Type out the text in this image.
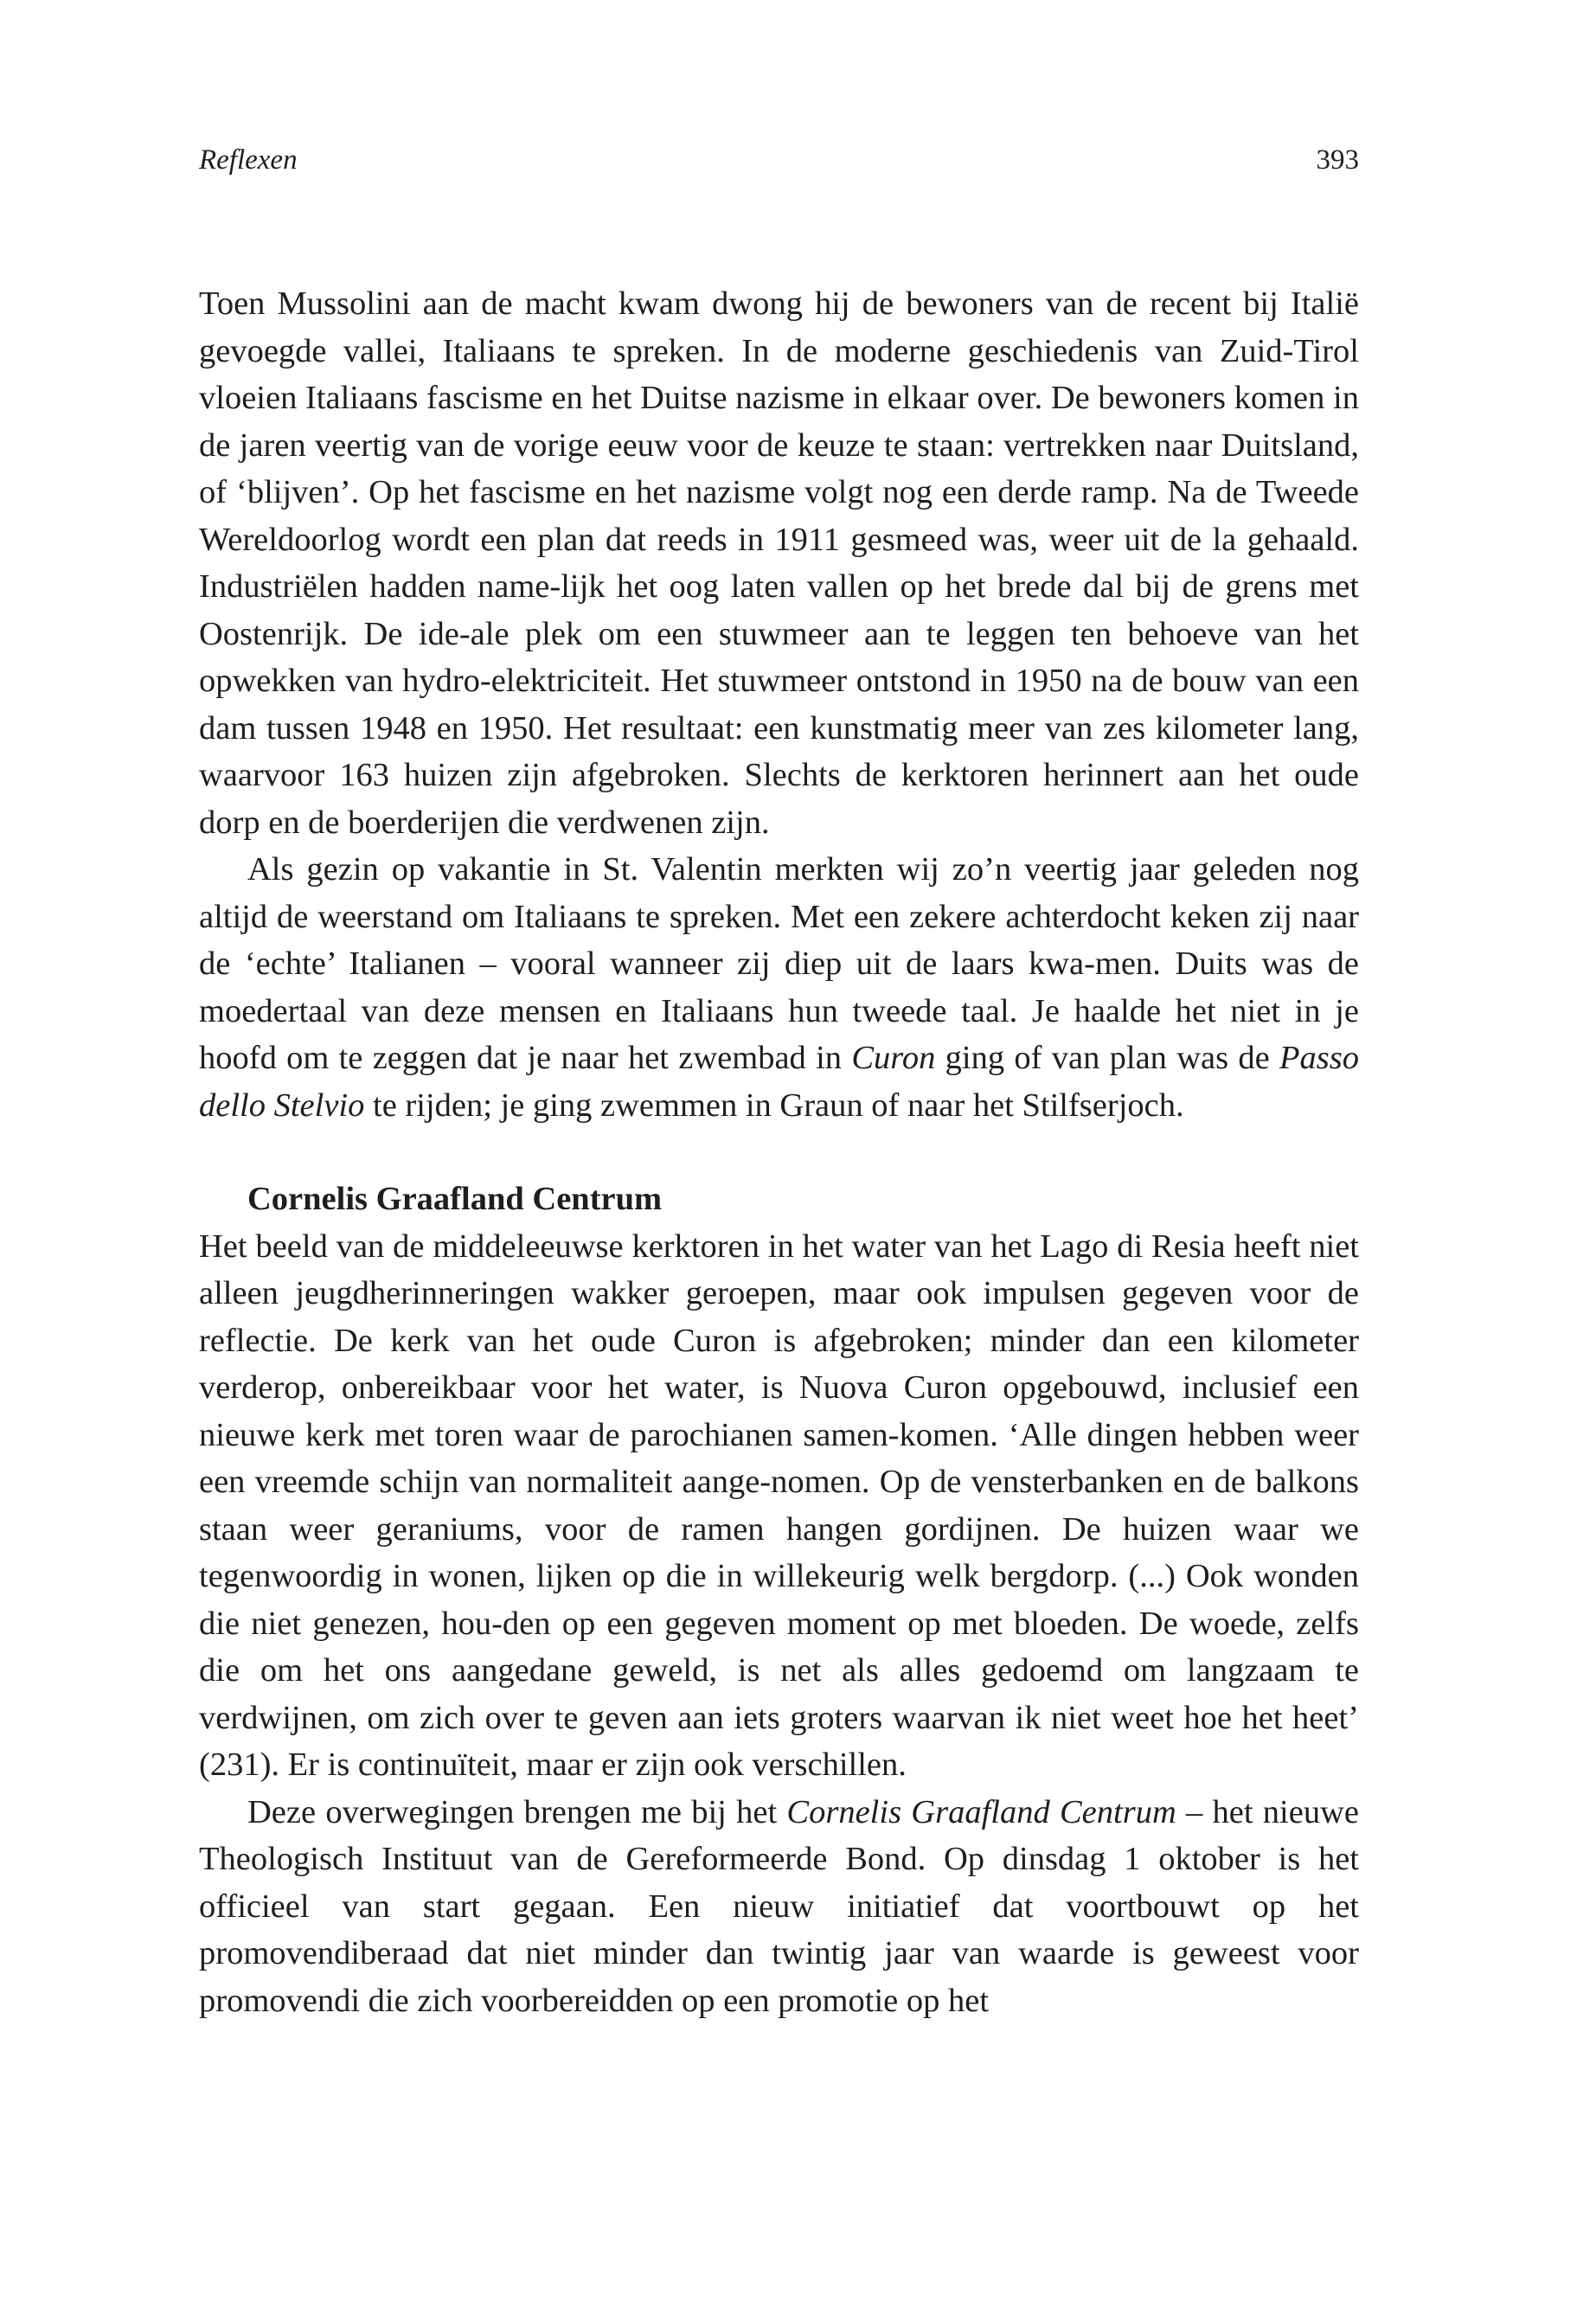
Reflexen	393

Toen Mussolini aan de macht kwam dwong hij de bewoners van de recent bij Italië gevoegde vallei, Italiaans te spreken. In de moderne geschiedenis van Zuid-Tirol vloeien Italiaans fascisme en het Duitse nazisme in elkaar over. De bewoners komen in de jaren veertig van de vorige eeuw voor de keuze te staan: vertrekken naar Duitsland, of ‘blijven’. Op het fascisme en het nazisme volgt nog een derde ramp. Na de Tweede Wereldoorlog wordt een plan dat reeds in 1911 gesmeed was, weer uit de la gehaald. Industriëlen hadden name-lijk het oog laten vallen op het brede dal bij de grens met Oostenrijk. De ide-ale plek om een stuwmeer aan te leggen ten behoeve van het opwekken van hydro-elektriciteit. Het stuwmeer ontstond in 1950 na de bouw van een dam tussen 1948 en 1950. Het resultaat: een kunstmatig meer van zes kilometer lang, waarvoor 163 huizen zijn afgebroken. Slechts de kerktoren herinnert aan het oude dorp en de boerderijen die verdwenen zijn.

Als gezin op vakantie in St. Valentin merkten wij zo’n veertig jaar geleden nog altijd de weerstand om Italiaans te spreken. Met een zekere achterdocht keken zij naar de ‘echte’ Italianen – vooral wanneer zij diep uit de laars kwa-men. Duits was de moedertaal van deze mensen en Italiaans hun tweede taal. Je haalde het niet in je hoofd om te zeggen dat je naar het zwembad in Curon ging of van plan was de Passo dello Stelvio te rijden; je ging zwemmen in Graun of naar het Stilfserjoch.

Cornelis Graafland Centrum

Het beeld van de middeleeuwse kerktoren in het water van het Lago di Resia heeft niet alleen jeugdherinneringen wakker geroepen, maar ook impulsen gegeven voor de reflectie. De kerk van het oude Curon is afgebroken; minder dan een kilometer verderop, onbereikbaar voor het water, is Nuova Curon opgebouwd, inclusief een nieuwe kerk met toren waar de parochianen samen-komen. ‘Alle dingen hebben weer een vreemde schijn van normaliteit aange-nomen. Op de vensterbanken en de balkons staan weer geraniums, voor de ramen hangen gordijnen. De huizen waar we tegenwoordig in wonen, lijken op die in willekeurig welk bergdorp. (...) Ook wonden die niet genezen, hou-den op een gegeven moment op met bloeden. De woede, zelfs die om het ons aangedane geweld, is net als alles gedoemd om langzaam te verdwijnen, om zich over te geven aan iets groters waarvan ik niet weet hoe het heet’ (231). Er is continuïteit, maar er zijn ook verschillen.

Deze overwegingen brengen me bij het Cornelis Graafland Centrum – het nieuwe Theologisch Instituut van de Gereformeerde Bond. Op dinsdag 1 oktober is het officieel van start gegaan. Een nieuw initiatief dat voortbouwt op het promovendiberaad dat niet minder dan twintig jaar van waarde is geweest voor promovendi die zich voorbereidden op een promotie op het
